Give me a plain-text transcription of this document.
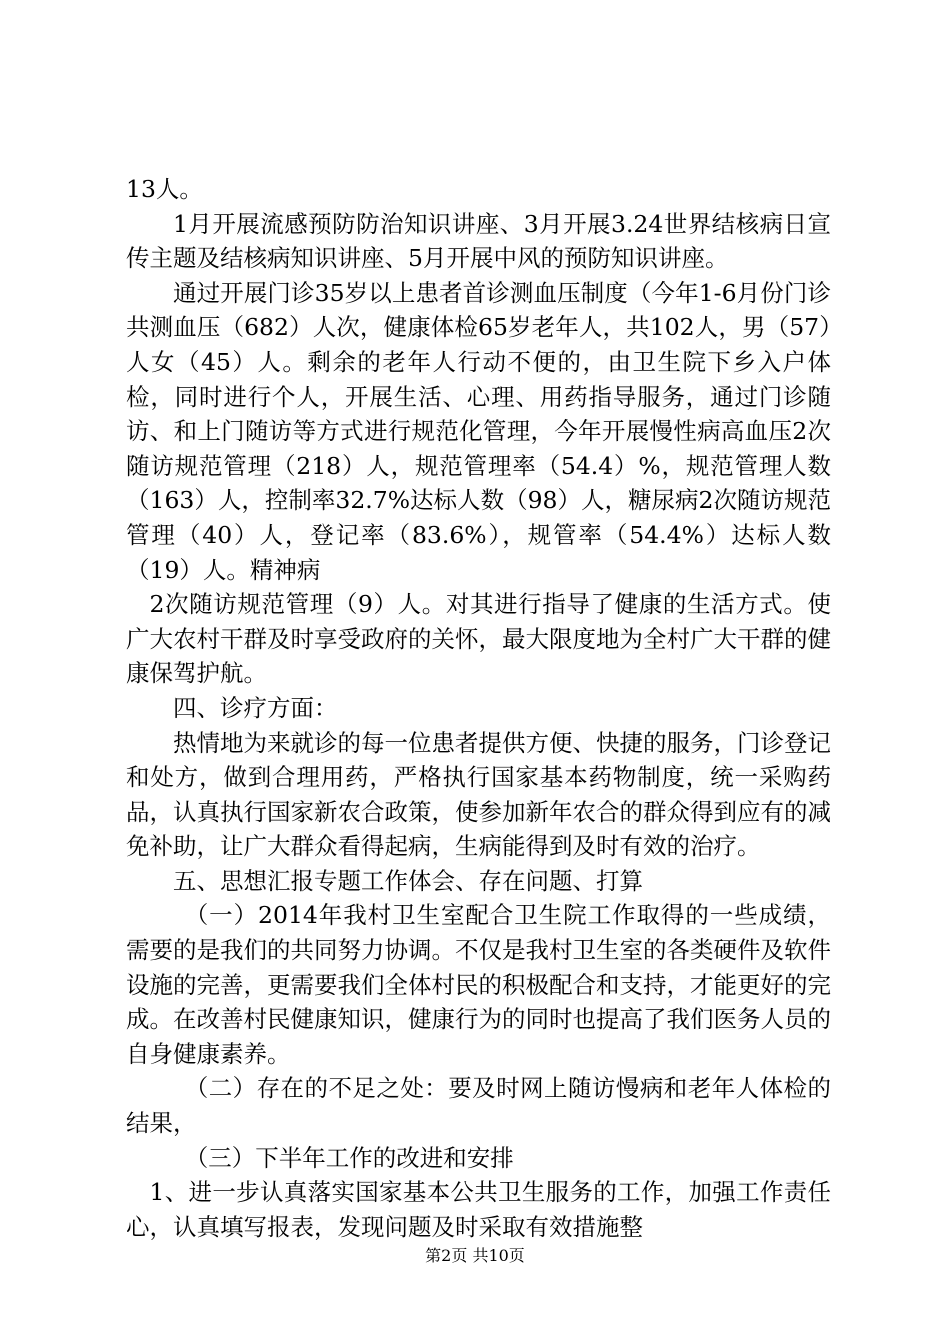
13人。

1月开展流感预防防治知识讲座、3月开展3.24世界结核病日宣传主题及结核病知识讲座、5月开展中风的预防知识讲座。

通过开展门诊35岁以上患者首诊测血压制度（今年1-6月份门诊共测血压（682）人次，健康体检65岁老年人，共102人，男（57）人女（45）人。剩余的老年人行动不便的，由卫生院下乡入户体检，同时进行个人，开展生活、心理、用药指导服务，通过门诊随访、和上门随访等方式进行规范化管理，今年开展慢性病高血压2次随访规范管理（218）人，规范管理率（54.4）%，规范管理人数（163）人，控制率32.7%达标人数（98）人，糖尿病2次随访规范管理（40）人，登记率（83.6%），规管率（54.4%）达标人数（19）人。精神病

2次随访规范管理（9）人。对其进行指导了健康的生活方式。使广大农村干群及时享受政府的关怀，最大限度地为全村广大干群的健康保驾护航。

四、诊疗方面：

热情地为来就诊的每一位患者提供方便、快捷的服务，门诊登记和处方，做到合理用药，严格执行国家基本药物制度，统一采购药品，认真执行国家新农合政策，使参加新年农合的群众得到应有的减免补助，让广大群众看得起病，生病能得到及时有效的治疗。

五、思想汇报专题工作体会、存在问题、打算

（一）2014年我村卫生室配合卫生院工作取得的一些成绩，需要的是我们的共同努力协调。不仅是我村卫生室的各类硬件及软件设施的完善，更需要我们全体村民的积极配合和支持，才能更好的完成。在改善村民健康知识，健康行为的同时也提高了我们医务人员的自身健康素养。

（二）存在的不足之处：要及时网上随访慢病和老年人体检的结果，

（三）下半年工作的改进和安排

1、进一步认真落实国家基本公共卫生服务的工作，加强工作责任心，认真填写报表，发现问题及时采取有效措施整

第2页 共10页
